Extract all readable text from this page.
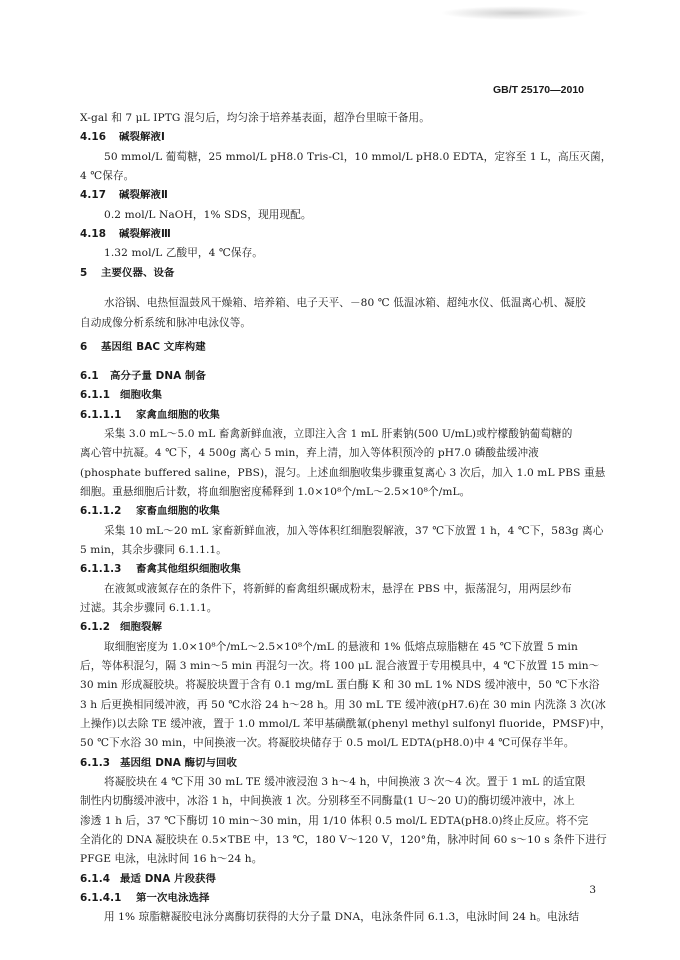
GB/T 25170—2010
X-gal 和 7 μL IPTG 混匀后，均匀涂于培养基表面，超净台里晾干备用。
4.16 碱裂解液Ⅰ
50 mmol/L 葡萄糖，25 mmol/L pH8.0 Tris-Cl，10 mmol/L pH8.0 EDTA，定容至 1 L，高压灭菌，
4 ℃保存。
4.17 碱裂解液Ⅱ
0.2 mol/L NaOH，1% SDS，现用现配。
4.18 碱裂解液Ⅲ
1.32 mol/L 乙酸甲，4 ℃保存。
5 主要仪器、设备
水浴锅、电热恒温鼓风干燥箱、培养箱、电子天平、－80 ℃ 低温冰箱、超纯水仪、低温离心机、凝胶
自动成像分析系统和脉冲电泳仪等。
6 基因组 BAC 文库构建
6.1 高分子量 DNA 制备
6.1.1 细胞收集
6.1.1.1 家禽血细胞的收集
采集 3.0 mL～5.0 mL 畜禽新鲜血液，立即注入含 1 mL 肝素钠(500 U/mL)或柠檬酸钠葡萄糖的
离心管中抗凝。4 ℃下，4 500g 离心 5 min，弃上清，加入等体积预冷的 pH7.0 磷酸盐缓冲液
(phosphate buffered saline，PBS)，混匀。上述血细胞收集步骤重复离心 3 次后，加入 1.0 mL PBS 重悬
细胞。重悬细胞后计数，将血细胞密度稀释到 1.0×10⁸个/mL～2.5×10⁸个/mL。
6.1.1.2 家畜血细胞的收集
采集 10 mL～20 mL 家畜新鲜血液，加入等体积红细胞裂解液，37 ℃下放置 1 h，4 ℃下，583g 离心
5 min，其余步骤同 6.1.1.1。
6.1.1.3 畜禽其他组织细胞收集
在液氮或液氮存在的条件下，将新鲜的畜禽组织碾成粉末，悬浮在 PBS 中，振荡混匀，用两层纱布
过滤。其余步骤同 6.1.1.1。
6.1.2 细胞裂解
取细胞密度为 1.0×10⁸个/mL～2.5×10⁸个/mL 的悬液和 1% 低熔点琼脂糖在 45 ℃下放置 5 min
后，等体积混匀，隔 3 min～5 min 再混匀一次。将 100 μL 混合液置于专用模具中，4 ℃下放置 15 min～
30 min 形成凝胶块。将凝胶块置于含有 0.1 mg/mL 蛋白酶 K 和 30 mL 1% NDS 缓冲液中，50 ℃下水浴
3 h 后更换相同缓冲液，再 50 ℃水浴 24 h～28 h。用 30 mL TE 缓冲液(pH7.6)在 30 min 内洗涤 3 次(冰
上操作)以去除 TE 缓冲液，置于 1.0 mmol/L 苯甲基磺酰氟(phenyl methyl sulfonyl fluoride，PMSF)中，
50 ℃下水浴 30 min，中间换液一次。将凝胶块储存于 0.5 mol/L EDTA(pH8.0)中 4 ℃可保存半年。
6.1.3 基因组 DNA 酶切与回收
将凝胶块在 4 ℃下用 30 mL TE 缓冲液浸泡 3 h～4 h，中间换液 3 次～4 次。置于 1 mL 的适宜限
制性内切酶缓冲液中，冰浴 1 h，中间换液 1 次。分别移至不同酶量(1 U～20 U)的酶切缓冲液中，冰上
渗透 1 h 后，37 ℃下酶切 10 min～30 min，用 1/10 体积 0.5 mol/L EDTA(pH8.0)终止反应。将不完
全消化的 DNA 凝胶块在 0.5×TBE 中，13 ℃，180 V～120 V，120°角，脉冲时间 60 s～10 s 条件下进行
PFGE 电泳，电泳时间 16 h～24 h。
6.1.4 最适 DNA 片段获得
6.1.4.1 第一次电泳选择
用 1% 琼脂糖凝胶电泳分离酶切获得的大分子量 DNA，电泳条件同 6.1.3，电泳时间 24 h。电泳结
3
